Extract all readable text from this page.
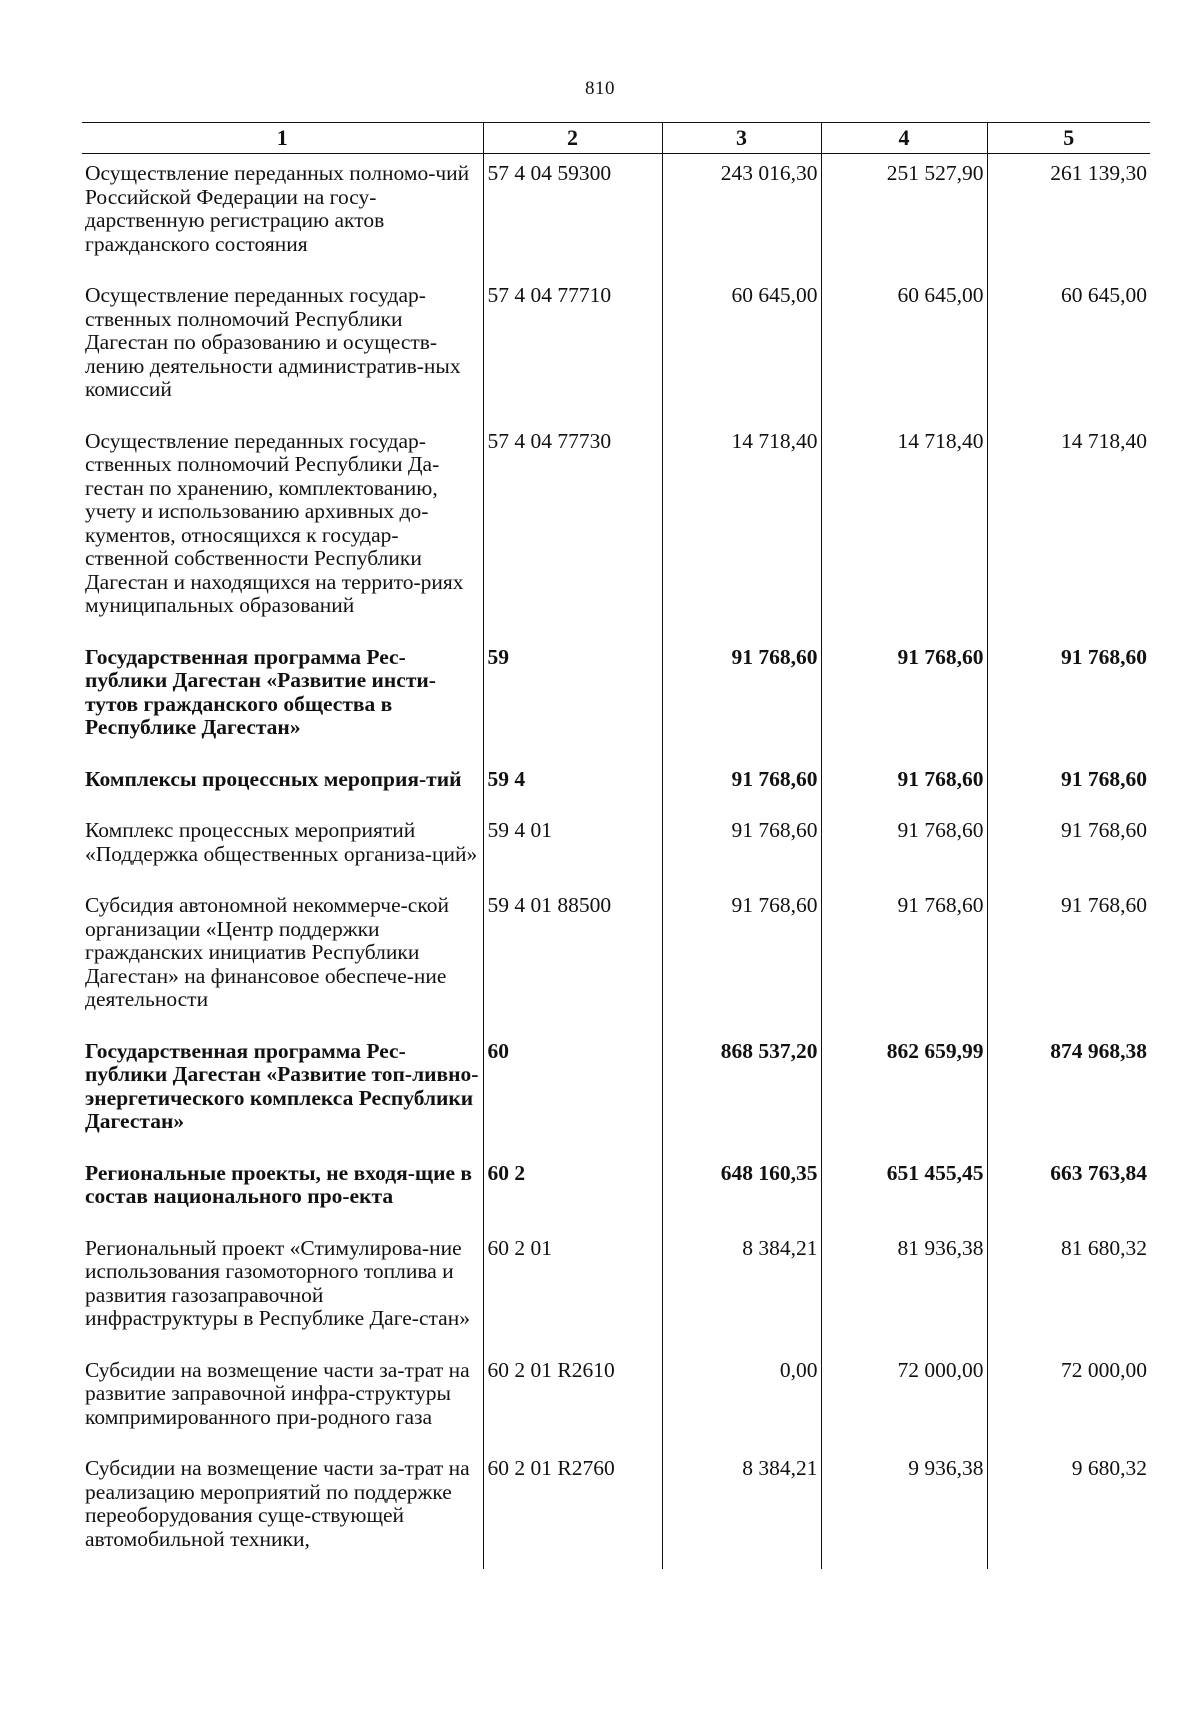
810
1	2	3	4	5
Осуществление переданных полномо-чий Российской Федерации на госу-дарственную регистрацию актов гражданского состояния	57 4 04 59300	243 016,30	251 527,90	261 139,30
Осуществление переданных государ-ственных полномочий Республики Дагестан по образованию и осуществ-лению деятельности административ-ных комиссий	57 4 04 77710	60 645,00	60 645,00	60 645,00
Осуществление переданных государ-ственных полномочий Республики Да-гестан по хранению, комплектованию, учету и использованию архивных до-кументов, относящихся к государ-ственной собственности Республики Дагестан и находящихся на террито-риях муниципальных образований	57 4 04 77730	14 718,40	14 718,40	14 718,40
Государственная программа Рес-публики Дагестан «Развитие инсти-тутов гражданского общества в Республике Дагестан»	59	91 768,60	91 768,60	91 768,60
Комплексы процессных мероприя-тий	59 4	91 768,60	91 768,60	91 768,60
Комплекс процессных мероприятий «Поддержка общественных организа-ций»	59 4 01	91 768,60	91 768,60	91 768,60
Субсидия автономной некоммерче-ской организации «Центр поддержки гражданских инициатив Республики Дагестан» на финансовое обеспече-ние деятельности	59 4 01 88500	91 768,60	91 768,60	91 768,60
Государственная программа Рес-публики Дагестан «Развитие топ-ливно-энергетического комплекса Республики Дагестан»	60	868 537,20	862 659,99	874 968,38
Региональные проекты, не входя-щие в состав национального про-екта	60 2	648 160,35	651 455,45	663 763,84
Региональный проект «Стимулирова-ние использования газомоторного топлива и развития газозаправочной инфраструктуры в Республике Даге-стан»	60 2 01	8 384,21	81 936,38	81 680,32
Субсидии на возмещение части за-трат на развитие заправочной инфра-структуры компримированного при-родного газа	60 2 01 R2610	0,00	72 000,00	72 000,00
Субсидии на возмещение части за-трат на реализацию мероприятий по поддержке переоборудования суще-ствующей автомобильной техники,	60 2 01 R2760	8 384,21	9 936,38	9 680,32
